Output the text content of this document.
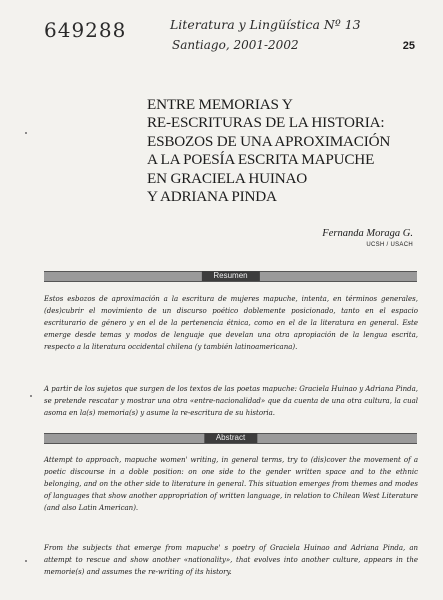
649288	Literatura y Lingüística Nº 13
Santiago, 2001-2002	25
ENTRE MEMORIAS Y
RE-ESCRITURAS DE LA HISTORIA:
ESBOZOS DE UNA APROXIMACIÓN
A LA POESÍA ESCRITA MAPUCHE
EN GRACIELA HUINAO
Y ADRIANA PINDA
Fernanda Moraga G.
UCSH / USACH
Resumen

Estos esbozos de aproximación a la escritura de mujeres mapuche, intenta, en términos generales, (des)cubrir el movimiento de un discurso poético doblemente posicionado, tanto en el espacio escriturario de género y en el de la pertenencia étnica, como en el de la literatura en general. Este emerge desde temas y modos de lenguaje que develan una otra apropiación de la lengua escrita, respecto a la literatura occidental chilena (y también latinoamericana).

A partir de los sujetos que surgen de los textos de las poetas mapuche: Graciela Huinao y Adriana Pinda, se pretende rescatar y mostrar una otra «entre-nacionalidad» que da cuenta de una otra cultura, la cual asoma en la(s) memoria(s) y asume la re-escritura de su historia.

Abstract

Attempt to approach, mapuche women' writing, in general terms, try to (dis)cover the movement of a poetic discourse in a doble position: on one side to the gender written space and to the ethnic belonging, and on the other side to literature in general. This situation emerges from themes and modes of languages that show another appropriation of written language, in relation to Chilean West Literature (and also Latin American).

From the subjects that emerge from mapuche' s poetry of Graciela Huinao and Adriana Pinda, an attempt to rescue and show another «nationality», that evolves into another culture, appears in the memorie(s) and assumes the re-writing of its history.
